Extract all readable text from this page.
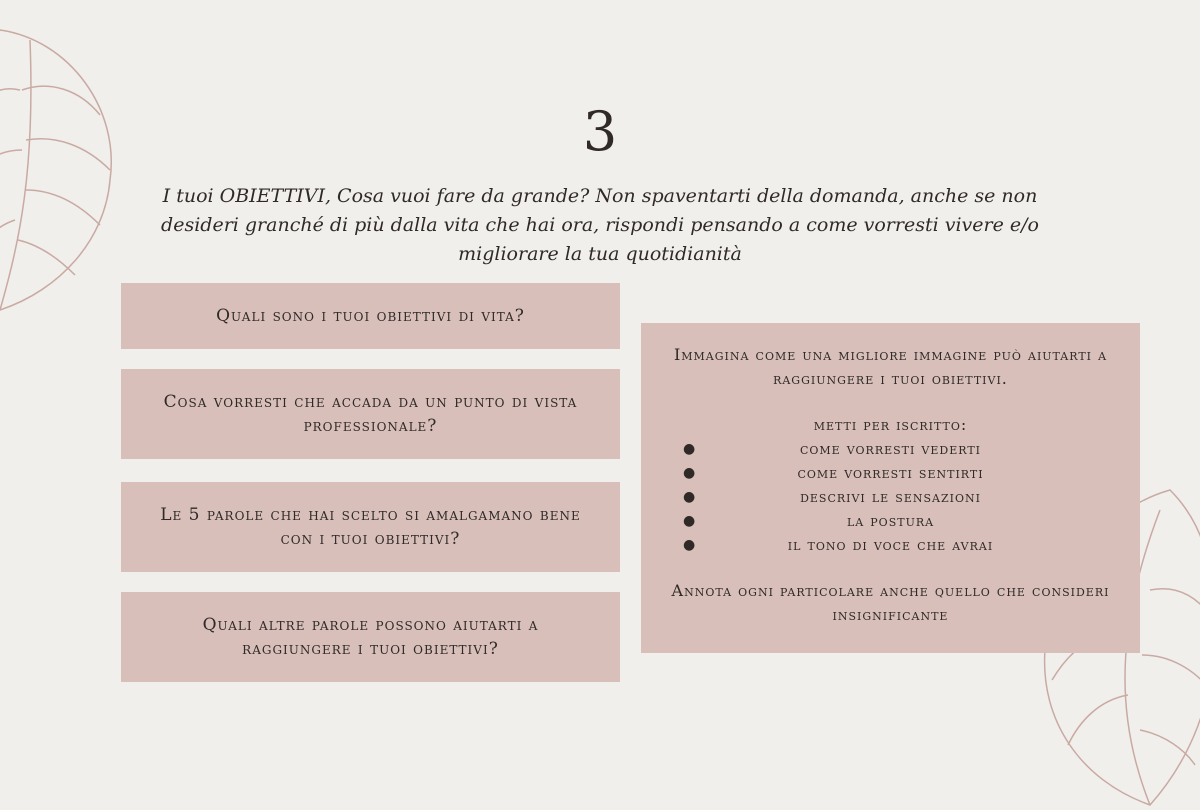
3

I tuoi OBIETTIVI, Cosa vuoi fare da grande? Non spaventarti della domanda, anche se non desideri granché di più dalla vita che hai ora, rispondi pensando a come vorresti vivere e/o migliorare la tua quotidianità

Quali sono i tuoi obiettivi di vita?
Cosa vorresti che accada da un punto di vista professionale?
Le 5 parole che hai scelto si amalgamano bene con i tuoi obiettivi?
Quali altre parole possono aiutarti a raggiungere i tuoi obiettivi?

Immagina come una migliore immagine può aiutarti a raggiungere i tuoi obiettivi.

metti per iscritto:

●	come vorresti vederti
●	come vorresti sentirti
●	descrivi le sensazioni
●	la postura
●	il tono di voce che avrai

Annota ogni particolare anche quello che consideri insignificante
